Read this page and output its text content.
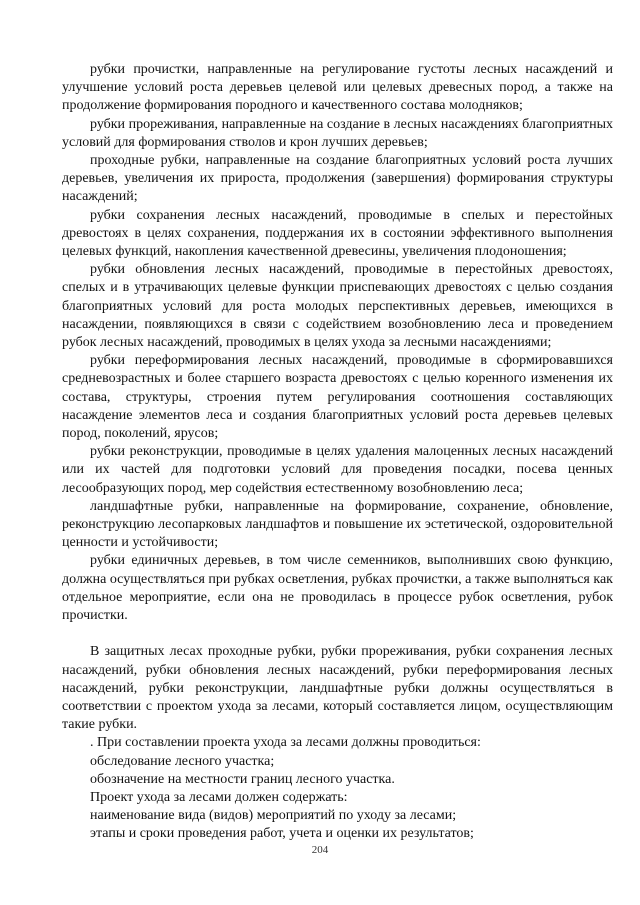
рубки прочистки, направленные на регулирование густоты лесных насаждений и улучшение условий роста деревьев целевой или целевых древесных пород, а также на продолжение формирования породного и качественного состава молодняков;

рубки прореживания, направленные на создание в лесных насаждениях благоприятных условий для формирования стволов и крон лучших деревьев;

проходные рубки, направленные на создание благоприятных условий роста лучших деревьев, увеличения их прироста, продолжения (завершения) формирования структуры насаждений;

рубки сохранения лесных насаждений, проводимые в спелых и перестойных древостоях в целях сохранения, поддержания их в состоянии эффективного выполнения целевых функций, накопления качественной древесины, увеличения плодоношения;

рубки обновления лесных насаждений, проводимые в перестойных древостоях, спелых и в утрачивающих целевые функции приспевающих древостоях с целью создания благоприятных условий для роста молодых перспективных деревьев, имеющихся в насаждении, появляющихся в связи с содействием возобновлению леса и проведением рубок лесных насаждений, проводимых в целях ухода за лесными насаждениями;

рубки переформирования лесных насаждений, проводимые в сформировавшихся средневозрастных и более старшего возраста древостоях с целью коренного изменения их состава, структуры, строения путем регулирования соотношения составляющих насаждение элементов леса и создания благоприятных условий роста деревьев целевых пород, поколений, ярусов;

рубки реконструкции, проводимые в целях удаления малоценных лесных насаждений или их частей для подготовки условий для проведения посадки, посева ценных лесообразующих пород, мер содействия естественному возобновлению леса;

ландшафтные рубки, направленные на формирование, сохранение, обновление, реконструкцию лесопарковых ландшафтов и повышение их эстетической, оздоровительной ценности и устойчивости;

рубки единичных деревьев, в том числе семенников, выполнивших свою функцию, должна осуществляться при рубках осветления, рубках прочистки, а также выполняться как отдельное мероприятие, если она не проводилась в процессе рубок осветления, рубок прочистки.

В защитных лесах проходные рубки, рубки прореживания, рубки сохранения лесных насаждений, рубки обновления лесных насаждений, рубки переформирования лесных насаждений, рубки реконструкции, ландшафтные рубки должны осуществляться в соответствии с проектом ухода за лесами, который составляется лицом, осуществляющим такие рубки.

. При составлении проекта ухода за лесами должны проводиться:

обследование лесного участка;

обозначение на местности границ лесного участка.

Проект ухода за лесами должен содержать:

наименование вида (видов) мероприятий по уходу за лесами;

этапы и сроки проведения работ, учета и оценки их результатов;

204
